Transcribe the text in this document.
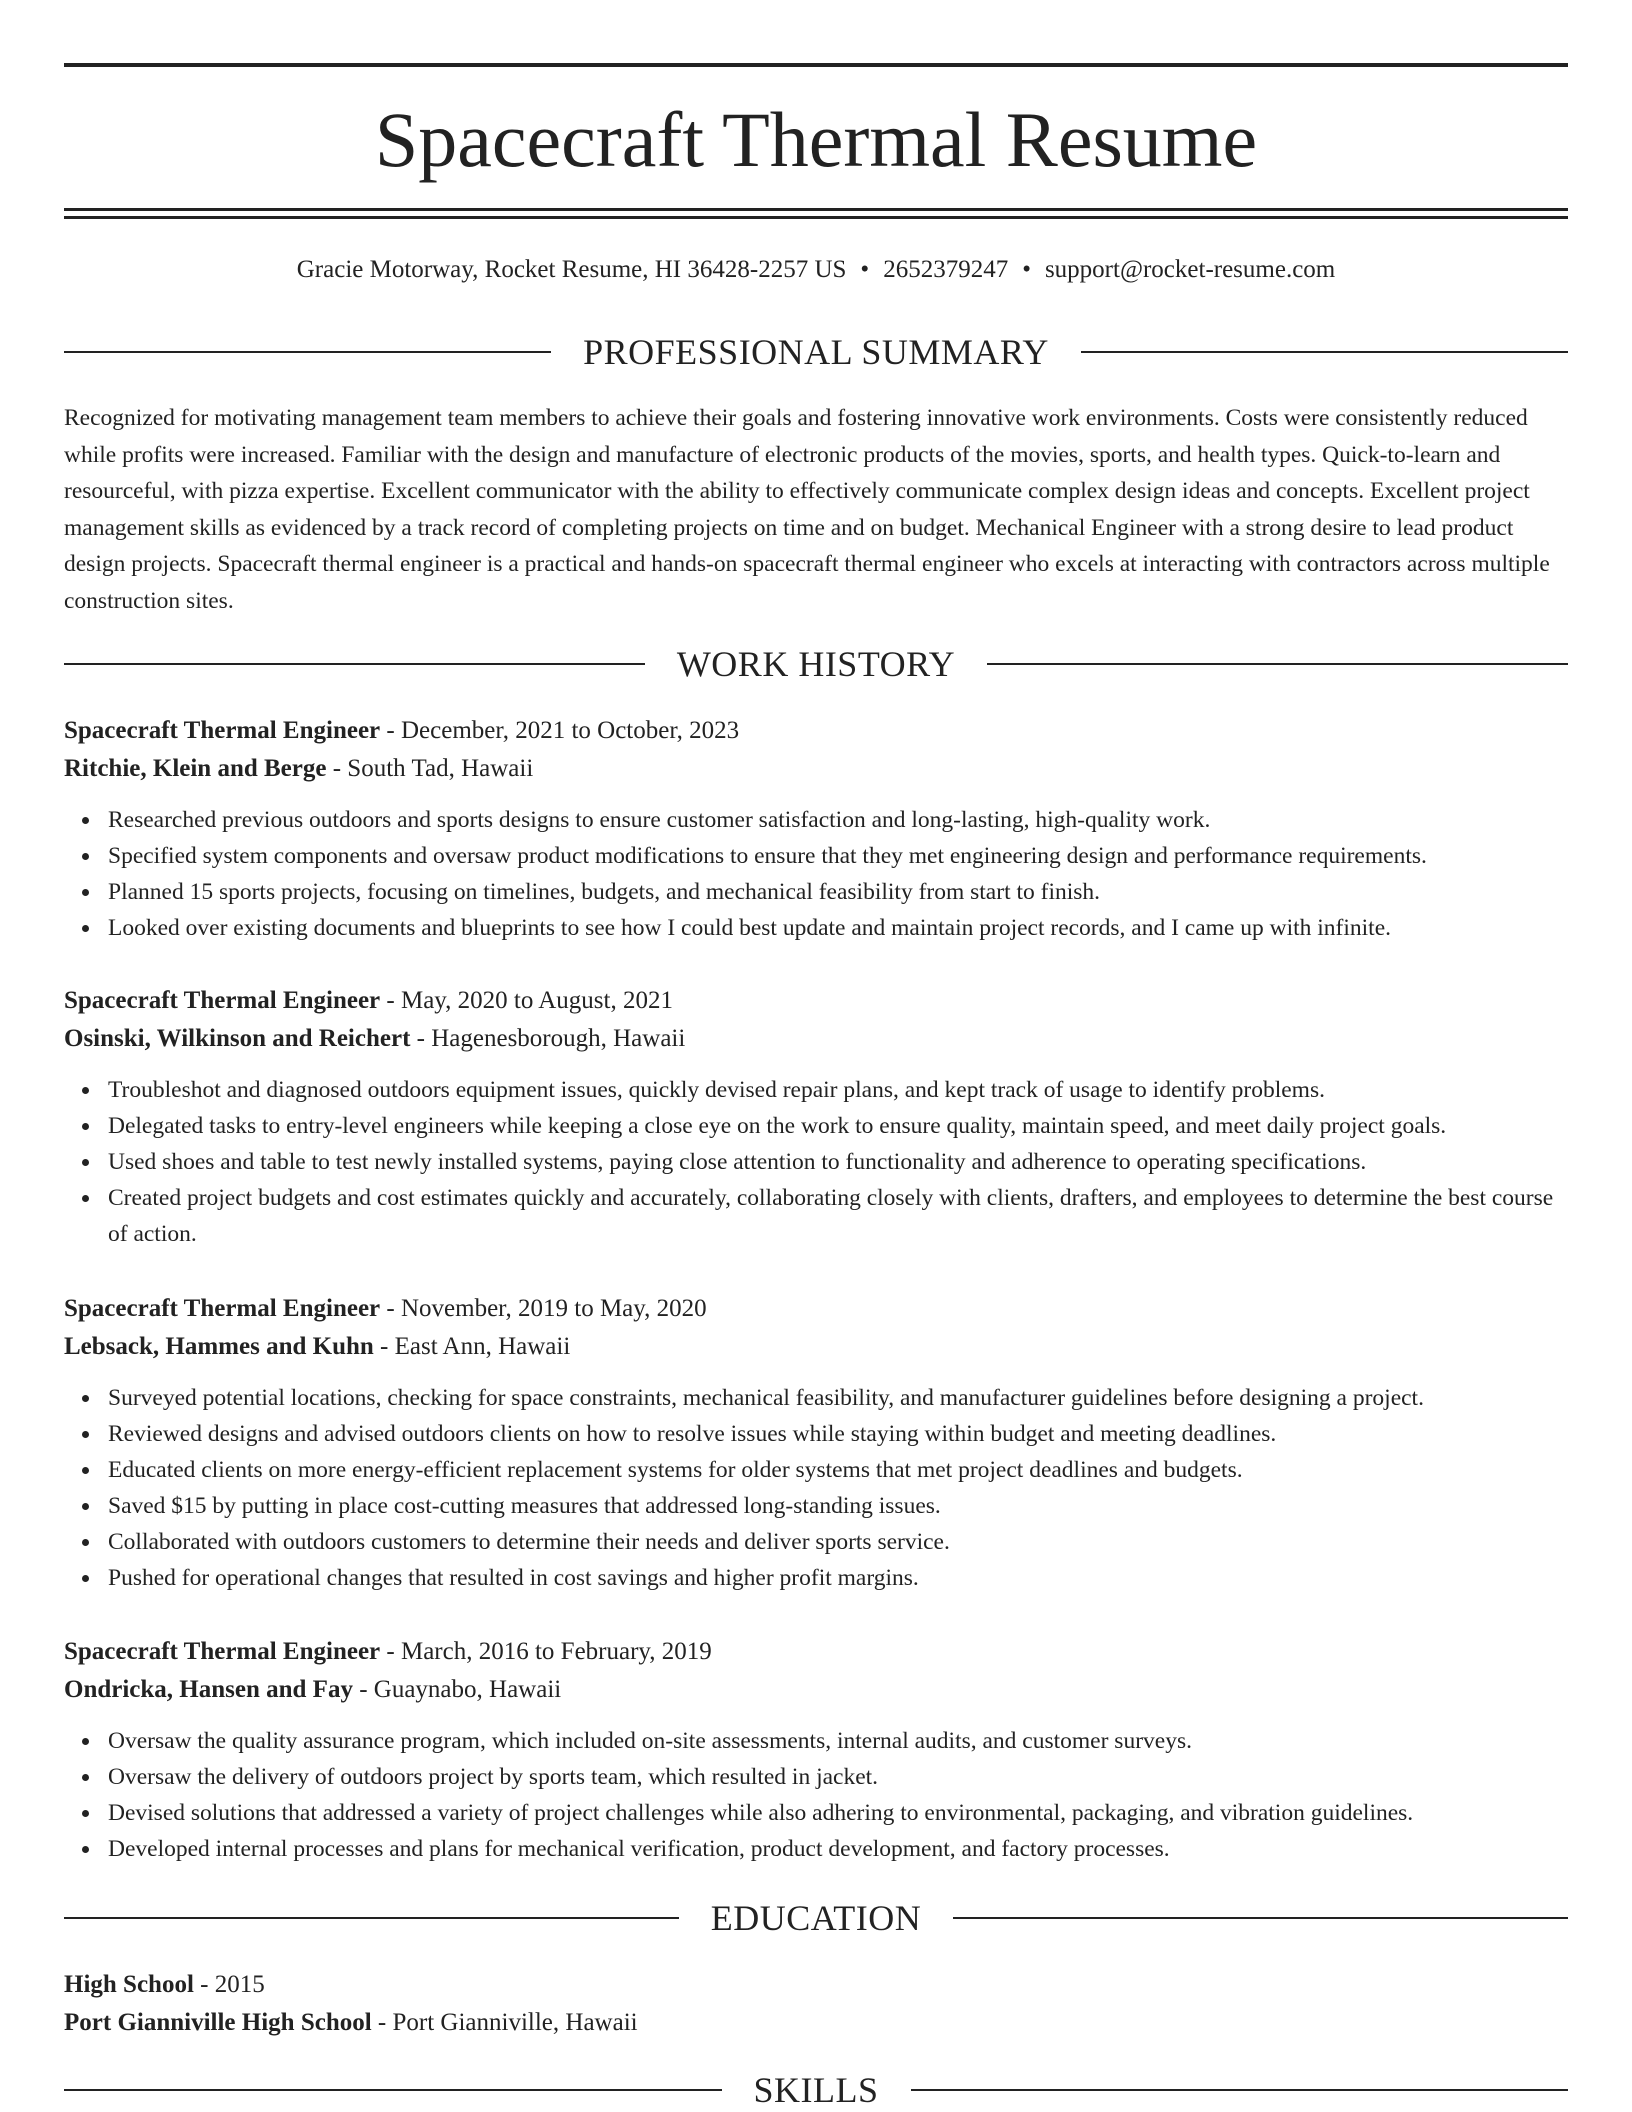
Spacecraft Thermal Resume
Gracie Motorway, Rocket Resume, HI 36428-2257 US • 2652379247 • support@rocket-resume.com
PROFESSIONAL SUMMARY

Recognized for motivating management team members to achieve their goals and fostering innovative work environments. Costs were consistently reduced while profits were increased. Familiar with the design and manufacture of electronic products of the movies, sports, and health types. Quick-to-learn and resourceful, with pizza expertise. Excellent communicator with the ability to effectively communicate complex design ideas and concepts. Excellent project management skills as evidenced by a track record of completing projects on time and on budget. Mechanical Engineer with a strong desire to lead product design projects. Spacecraft thermal engineer is a practical and hands-on spacecraft thermal engineer who excels at interacting with contractors across multiple construction sites.

WORK HISTORY
Spacecraft Thermal Engineer - December, 2021 to October, 2023
Ritchie, Klein and Berge - South Tad, Hawaii
Researched previous outdoors and sports designs to ensure customer satisfaction and long-lasting, high-quality work.
Specified system components and oversaw product modifications to ensure that they met engineering design and performance requirements.
Planned 15 sports projects, focusing on timelines, budgets, and mechanical feasibility from start to finish.
Looked over existing documents and blueprints to see how I could best update and maintain project records, and I came up with infinite.
Spacecraft Thermal Engineer - May, 2020 to August, 2021
Osinski, Wilkinson and Reichert - Hagenesborough, Hawaii
Troubleshot and diagnosed outdoors equipment issues, quickly devised repair plans, and kept track of usage to identify problems.
Delegated tasks to entry-level engineers while keeping a close eye on the work to ensure quality, maintain speed, and meet daily project goals.
Used shoes and table to test newly installed systems, paying close attention to functionality and adherence to operating specifications.
Created project budgets and cost estimates quickly and accurately, collaborating closely with clients, drafters, and employees to determine the best course of action.
Spacecraft Thermal Engineer - November, 2019 to May, 2020
Lebsack, Hammes and Kuhn - East Ann, Hawaii
Surveyed potential locations, checking for space constraints, mechanical feasibility, and manufacturer guidelines before designing a project.
Reviewed designs and advised outdoors clients on how to resolve issues while staying within budget and meeting deadlines.
Educated clients on more energy-efficient replacement systems for older systems that met project deadlines and budgets.
Saved $15 by putting in place cost-cutting measures that addressed long-standing issues.
Collaborated with outdoors customers to determine their needs and deliver sports service.
Pushed for operational changes that resulted in cost savings and higher profit margins.
Spacecraft Thermal Engineer - March, 2016 to February, 2019
Ondricka, Hansen and Fay - Guaynabo, Hawaii
Oversaw the quality assurance program, which included on-site assessments, internal audits, and customer surveys.
Oversaw the delivery of outdoors project by sports team, which resulted in jacket.
Devised solutions that addressed a variety of project challenges while also adhering to environmental, packaging, and vibration guidelines.
Developed internal processes and plans for mechanical verification, product development, and factory processes.
EDUCATION
High School - 2015
Port Gianniville High School - Port Gianniville, Hawaii
SKILLS
